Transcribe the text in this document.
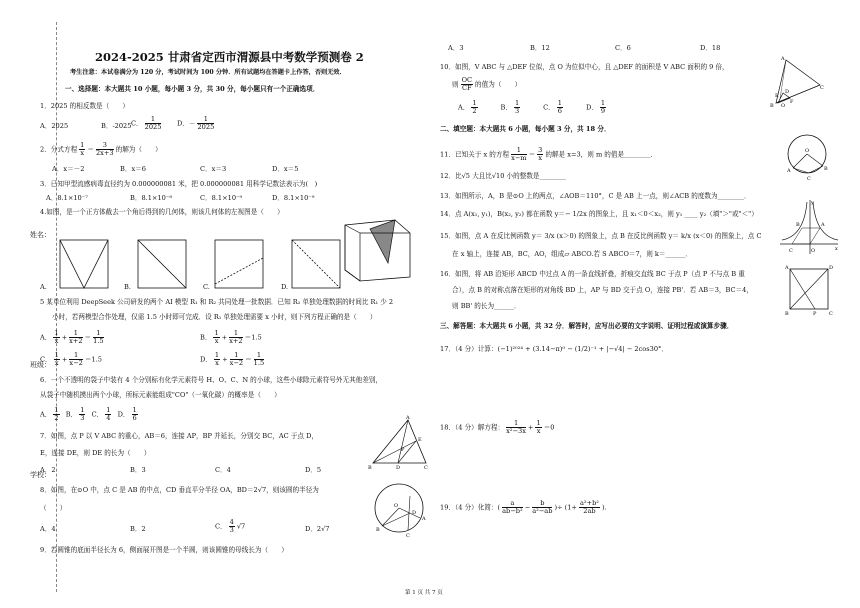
姓名：
班级：
学校：
2024-2025 甘肃省定西市渭源县中考数学预测卷 2
考生注意：本试卷满分为 120 分，考试时间为 100 分钟．所有试题均在答题卡上作答，否则无效．
一、选择题：本大题共 10 小题，每小题 3 分，共 30 分，每小题只有一个正确选项．
1．2025 的相反数是（　　）
A．2025	B．-2025 C． $\frac{1}{2025}$ D．－ $\frac{1}{2025}$
2．分式方程 $\frac{1}{x} = \frac{3}{2x+3}$ 的解为（　　）
A．x＝－2	B．x＝6	C．x＝3	D．x＝5
3．已知甲型流感病毒直径约为 0.000000081 米，把 0.000000081 用科学记数法表示为(　)
A．8.1×10⁻⁷	B．8.1×10⁻⁸	C．8.1×10⁻⁹	D．8.1×10⁻⁹
4.如图，是一个正方体截去一个角后得到的几何体，则该几何体的左视图是（　　）
A.	B.	C.	D.
5 某单位利用 DeepSeek 公司研发的两个 AI 模型 R₁ 和 R₂ 共同处理一批数据．已知 R₂ 单独处理数据的时间比 R₁ 少 2
小时，若两模型合作处理，仅需 1.5 小时即可完成．设 R₁ 单独处理需要 x 小时，则下列方程正确的是（　　）
A． $\frac{1}{x} + \frac{1}{x+2} = \frac{1}{1.5}$	B． $\frac{1}{x} + \frac{1}{x+2} =1.5$
C． $\frac{1}{x} + \frac{1}{x-2} =1.5$	D． $\frac{1}{x} + \frac{1}{x-2} = \frac{1}{1.5}$
6．一个不透明的袋子中装有 4 个分别标有化学元素符号 H、O、C、N 的小球，这些小球除元素符号外无其他差别，
从袋子中随机摸出两个小球，所标元素能组成"CO"（一氧化碳）的概率是（　　）
A． $\frac{1}{2}$ B． $\frac{1}{3}$ C． $\frac{1}{4}$ D． $\frac{1}{6}$
7．如图，点 P 以 V ABC 的重心，AB＝6，连接 AP，BP 并延长，分别交 BC，AC 于点 D，
E，连接 DE，则 DE 的长为（　　）
A．2	B．3	C．4	D．5
A
B	C
D
E
P
8．如图，在⊙O 中，点 C 是 AB 的中点，CD 垂直平分半径 OA，BD＝2√7，则该圆的半径为
（　　）
A．4	B．2	C． $\frac{4}{3} √7$	D．2√7
O
A
B
C
D
9．若圆锥的底面半径长为 6，侧面展开图是一个半圆，则该圆锥的母线长为（　　）
第 1 页 共 7 页
A．3	B．12	C．6	D．18
10．如图，V ABC 与 △DEF 位似，点 O 为位似中心，且 △DEF 的面积是 V ABC 面积的 9 倍，
则 $\frac{OC}{CF}$ 的值为（　　）
A． $\frac{1}{2}$ B． $\frac{1}{3}$ C． $\frac{1}{6}$ D． $\frac{1}{9}$
A
B
C
D
E
F
O
二、填空题：本大题共 6 小题，每小题 3 分，共 18 分．
11．已知关于 x 的方程 $\frac{1}{x-m} = \frac{3}{x}$ 的解是 x=3，则 m 的值是________．	O
A	B
C
12．比√5 大且比√10 小的整数是________
13．如图所示，A，B 是⊙O 上的两点，∠AOB＝110°，C 是 AB 上一点，则∠ACB 的度数为________．
14．点 A(x₁, y₁)，B(x₂, y₂) 都在函数 y＝− 1/2x 的图象上，且 x₁＜0＜x₂，则 y₁ ____ y₂（填"＞"或"＜"）
15．如图，点 A 在反比例函数 y＝ 3/x (x＞0) 的图象上，点 B 在反比例函数 y＝ k/x (x＜0) 的图象上，点 C
在 x 轴上，连接 AB，BC，AO，组成▱ ABCO.若 S ABCO＝7，则 k＝______．
y
B	A
C	O	x
16．如图，将 AB 沿矩形 ABCD 中过点 A 的一条直线折叠，折痕交直线 BC 于点 P（点 P 不与点 B 重
合），点 B 的对称点落在矩形的对角线 BD 上，AP 与 BD 交于点 O，连接 PB'．若 AB＝3，BC＝4，
则 BB' 的长为______．
A	D
B	P	C
三、解答题：本大题共 6 小题，共 32 分．解答时，应写出必要的文字说明、证明过程或演算步骤．
17．（4 分）计算：(−1)²⁰²⁴ + (3.14−π)⁰ − (1/2)⁻¹ + |−√4| − 2cos30°．
18．（4 分）解方程： $\frac{1}{\text{x²−3x}} + \frac{1}{x} =0$
19．（4 分）化简：( $\frac{a}{\text{ab−b²}} - \frac{b}{\text{a²−ab}}$ )÷ ($1+ \frac{\text{a²+b²}}{2ab}$ ).
